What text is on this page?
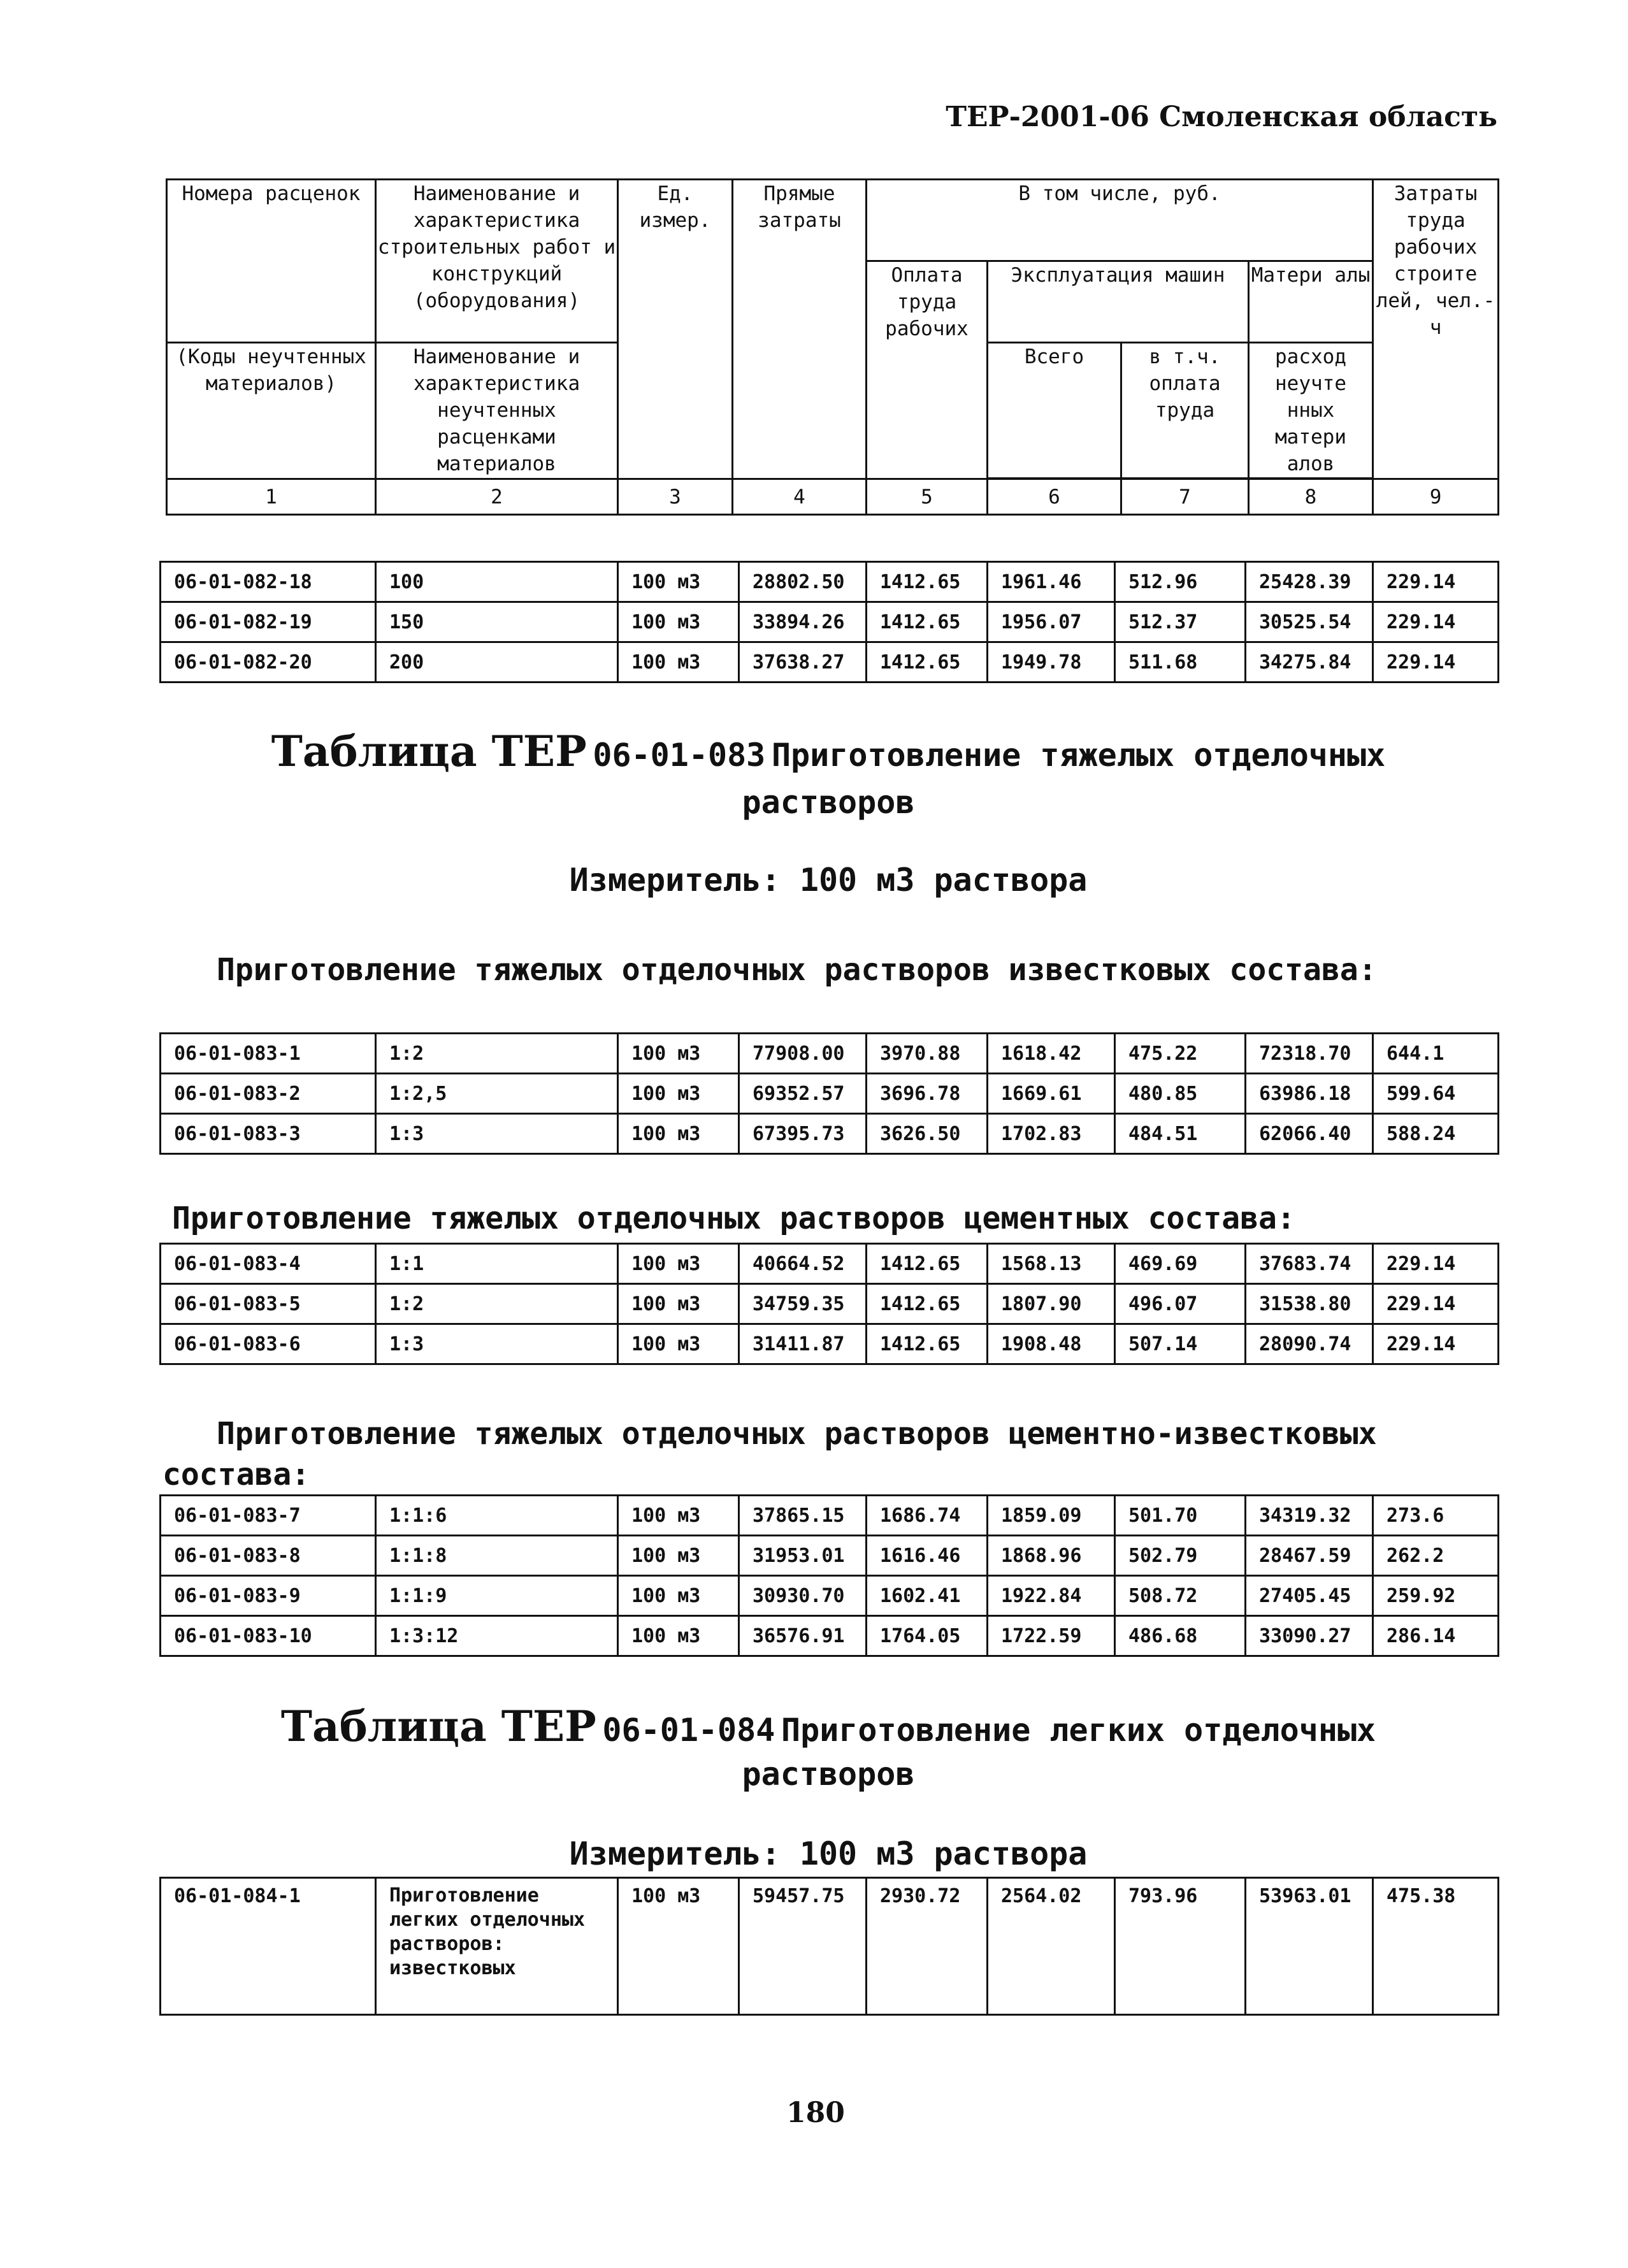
ТЕР-2001-06 Смоленская область
Номера расценок	Наименование и характеристика строительных работ и конструкций (оборудования)	Ед. измер.	Прямые затраты	В том числе, руб.				Затраты труда рабочих строите лей, чел.-ч
				Оплата труда рабочих	Эксплуатация машин		Матери алы	
(Коды неучтенных материалов)	Наименование и характеристика неучтенных расценками материалов				Всего	в т.ч. оплата труда	расход неучте нных матери алов	

1	2	3	4	5	6	7	8	9
06-01-082-18	100	100 м3	28802.50	1412.65	1961.46	512.96	25428.39	229.14
06-01-082-19	150	100 м3	33894.26	1412.65	1956.07	512.37	30525.54	229.14
06-01-082-20	200	100 м3	37638.27	1412.65	1949.78	511.68	34275.84	229.14
Таблица ТЕР 06-01-083 Приготовление тяжелых отделочных
растворов
Измеритель: 100 м3 раствора
Приготовление тяжелых отделочных растворов известковых состава:
06-01-083-1	1:2	100 м3	77908.00	3970.88	1618.42	475.22	72318.70	644.1
06-01-083-2	1:2,5	100 м3	69352.57	3696.78	1669.61	480.85	63986.18	599.64
06-01-083-3	1:3	100 м3	67395.73	3626.50	1702.83	484.51	62066.40	588.24
Приготовление тяжелых отделочных растворов цементных состава:
06-01-083-4	1:1	100 м3	40664.52	1412.65	1568.13	469.69	37683.74	229.14
06-01-083-5	1:2	100 м3	34759.35	1412.65	1807.90	496.07	31538.80	229.14
06-01-083-6	1:3	100 м3	31411.87	1412.65	1908.48	507.14	28090.74	229.14
Приготовление тяжелых отделочных растворов цементно-известковых состава:
06-01-083-7	1:1:6	100 м3	37865.15	1686.74	1859.09	501.70	34319.32	273.6
06-01-083-8	1:1:8	100 м3	31953.01	1616.46	1868.96	502.79	28467.59	262.2
06-01-083-9	1:1:9	100 м3	30930.70	1602.41	1922.84	508.72	27405.45	259.92
06-01-083-10	1:3:12	100 м3	36576.91	1764.05	1722.59	486.68	33090.27	286.14
Таблица ТЕР 06-01-084 Приготовление легких отделочных
растворов
Измеритель: 100 м3 раствора
06-01-084-1	Приготовление легких отделочных растворов: известковых	100 м3	59457.75	2930.72	2564.02	793.96	53963.01	475.38
180
